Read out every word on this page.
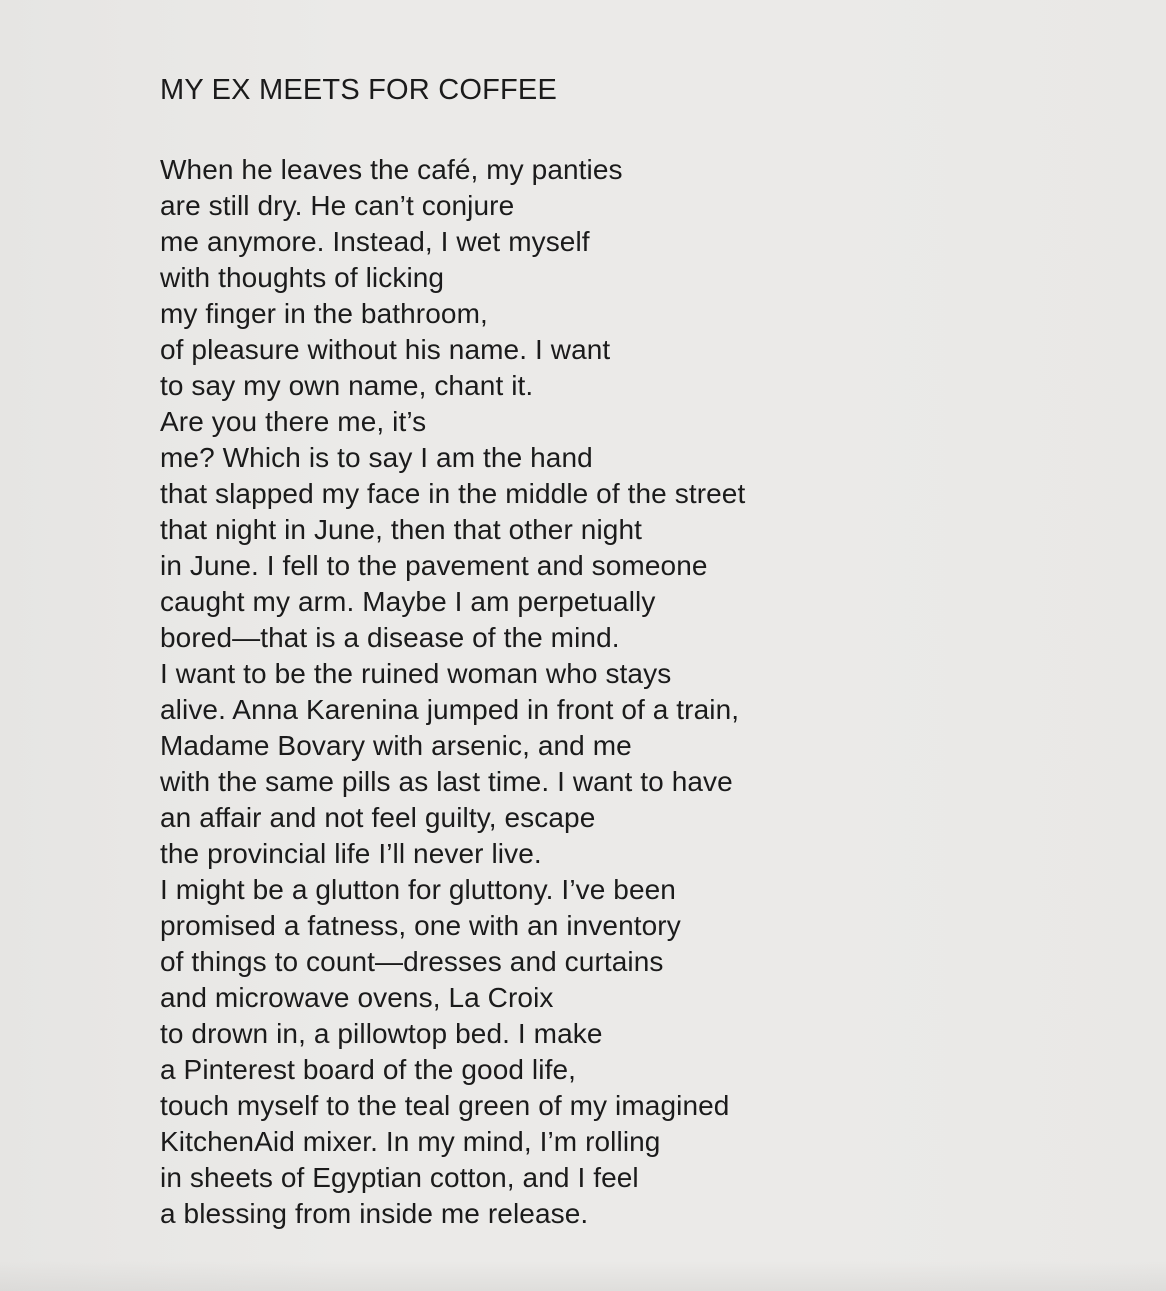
MY EX MEETS FOR COFFEE
When he leaves the café, my panties
are still dry. He can’t conjure
me anymore. Instead, I wet myself
with thoughts of licking
my finger in the bathroom,
of pleasure without his name. I want
to say my own name, chant it.
Are you there me, it’s
me? Which is to say I am the hand
that slapped my face in the middle of the street
that night in June, then that other night
in June. I fell to the pavement and someone
caught my arm. Maybe I am perpetually
bored—that is a disease of the mind.
I want to be the ruined woman who stays
alive. Anna Karenina jumped in front of a train,
Madame Bovary with arsenic, and me
with the same pills as last time. I want to have
an affair and not feel guilty, escape
the provincial life I’ll never live.
I might be a glutton for gluttony. I’ve been
promised a fatness, one with an inventory
of things to count—dresses and curtains
and microwave ovens, La Croix
to drown in, a pillowtop bed. I make
a Pinterest board of the good life,
touch myself to the teal green of my imagined
KitchenAid mixer. In my mind, I’m rolling
in sheets of Egyptian cotton, and I feel
a blessing from inside me release.
